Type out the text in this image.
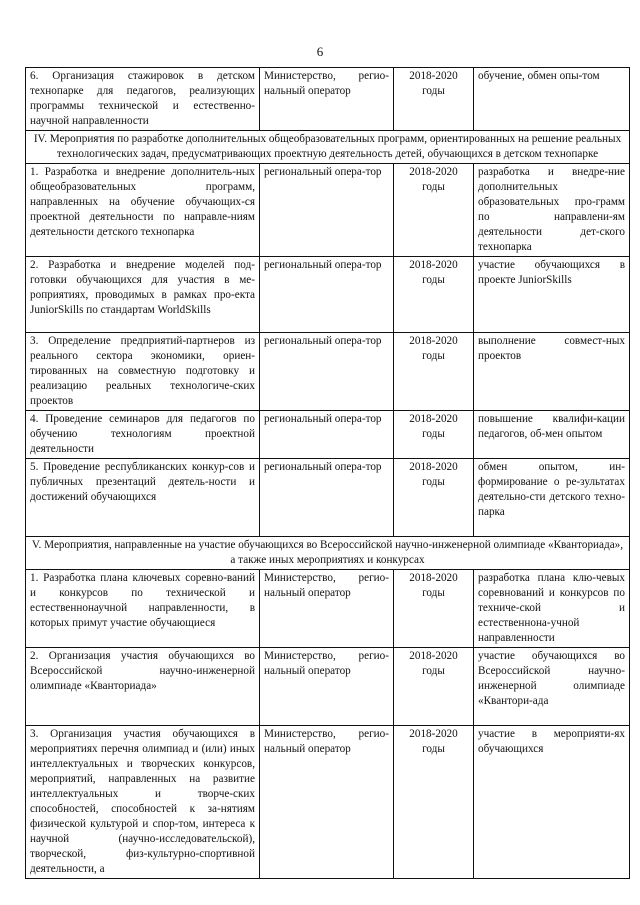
6
6. Организация стажировок в детском технопарке для педагогов, реализующих программы технической и естественно-научной направленности	Министерство, регио-нальный оператор	2018-2020 годы	обучение, обмен опы-том
IV. Мероприятия по разработке дополнительных общеобразовательных программ, ориентированных на решение реальных технологических задач, предусматривающих проектную деятельность детей, обучающихся в детском технопарке			
1. Разработка и внедрение дополнитель-ных общеобразовательных программ, направленных на обучение обучающих-ся проектной деятельности по направле-ниям деятельности детского технопарка	региональный опера-тор	2018-2020 годы	разработка и внедре-ние дополнительных образовательных про-грамм по направлени-ям деятельности дет-ского технопарка
2. Разработка и внедрение моделей под-готовки обучающихся для участия в ме-роприятиях, проводимых в рамках про-екта JuniorSkills по стандартам WorldSkills	региональный опера-тор	2018-2020 годы	участие обучающихся в проекте JuniorSkills
3. Определение предприятий-партнеров из реального сектора экономики, ориен-тированных на совместную подготовку и реализацию реальных технологиче-ских проектов	региональный опера-тор	2018-2020 годы	выполнение совмест-ных проектов
4. Проведение семинаров для педагогов по обучению технологиям проектной деятельности	региональный опера-тор	2018-2020 годы	повышение квалифи-кации педагогов, об-мен опытом
5. Проведение республиканских конкур-сов и публичных презентаций деятель-ности и достижений обучающихся	региональный опера-тор	2018-2020 годы	обмен опытом, ин-формирование о ре-зультатах деятельно-сти детского техно-парка
V. Мероприятия, направленные на участие обучающихся во Всероссийской научно-инженерной олимпиаде «Кванториада», а также иных мероприятиях и конкурсах			
1. Разработка плана ключевых соревно-ваний и конкурсов по технической и естественнонаучной направленности, в которых примут участие обучающиеся	Министерство, регио-нальный оператор	2018-2020 годы	разработка плана клю-чевых соревнований и конкурсов по техниче-ской и естественнона-учной направленности
2. Организация участия обучающихся во Всероссийской научно-инженерной олимпиаде «Кванториада»	Министерство, регио-нальный оператор	2018-2020 годы	участие обучающихся во Всероссийской научно-инженерной олимпиаде «Квантори-ада
3. Организация участия обучающихся в мероприятиях перечня олимпиад и (или) иных интеллектуальных и творческих конкурсов, мероприятий, направленных на развитие интеллектуальных и творче-ских способностей, способностей к за-нятиям физической культурой и спор-том, интереса к научной (научно-исследовательской), творческой, физ-культурно-спортивной деятельности, а	Министерство, регио-нальный оператор	2018-2020 годы	участие в мероприяти-ях обучающихся
